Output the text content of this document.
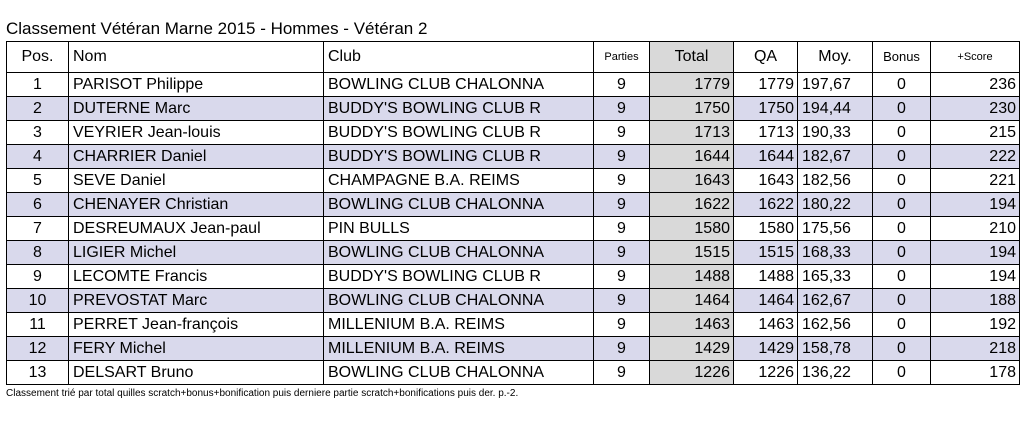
Classement Vétéran Marne 2015 - Hommes - Vétéran 2
Pos.	Nom	Club	Parties	Total	QA	Moy.	Bonus	+Score
1	PARISOT Philippe	BOWLING CLUB CHALONNA	9	1779	1779	197,67	0	236
2	DUTERNE Marc	BUDDY'S BOWLING CLUB R	9	1750	1750	194,44	0	230
3	VEYRIER Jean-louis	BUDDY'S BOWLING CLUB R	9	1713	1713	190,33	0	215
4	CHARRIER Daniel	BUDDY'S BOWLING CLUB R	9	1644	1644	182,67	0	222
5	SEVE Daniel	CHAMPAGNE B.A. REIMS	9	1643	1643	182,56	0	221
6	CHENAYER Christian	BOWLING CLUB CHALONNA	9	1622	1622	180,22	0	194
7	DESREUMAUX Jean-paul	PIN BULLS	9	1580	1580	175,56	0	210
8	LIGIER Michel	BOWLING CLUB CHALONNA	9	1515	1515	168,33	0	194
9	LECOMTE Francis	BUDDY'S BOWLING CLUB R	9	1488	1488	165,33	0	194
10	PREVOSTAT Marc	BOWLING CLUB CHALONNA	9	1464	1464	162,67	0	188
11	PERRET Jean-françois	MILLENIUM B.A. REIMS	9	1463	1463	162,56	0	192
12	FERY Michel	MILLENIUM B.A. REIMS	9	1429	1429	158,78	0	218
13	DELSART Bruno	BOWLING CLUB CHALONNA	9	1226	1226	136,22	0	178
Classement trié par total quilles scratch+bonus+bonification puis derniere partie scratch+bonifications puis der. p.-2.
